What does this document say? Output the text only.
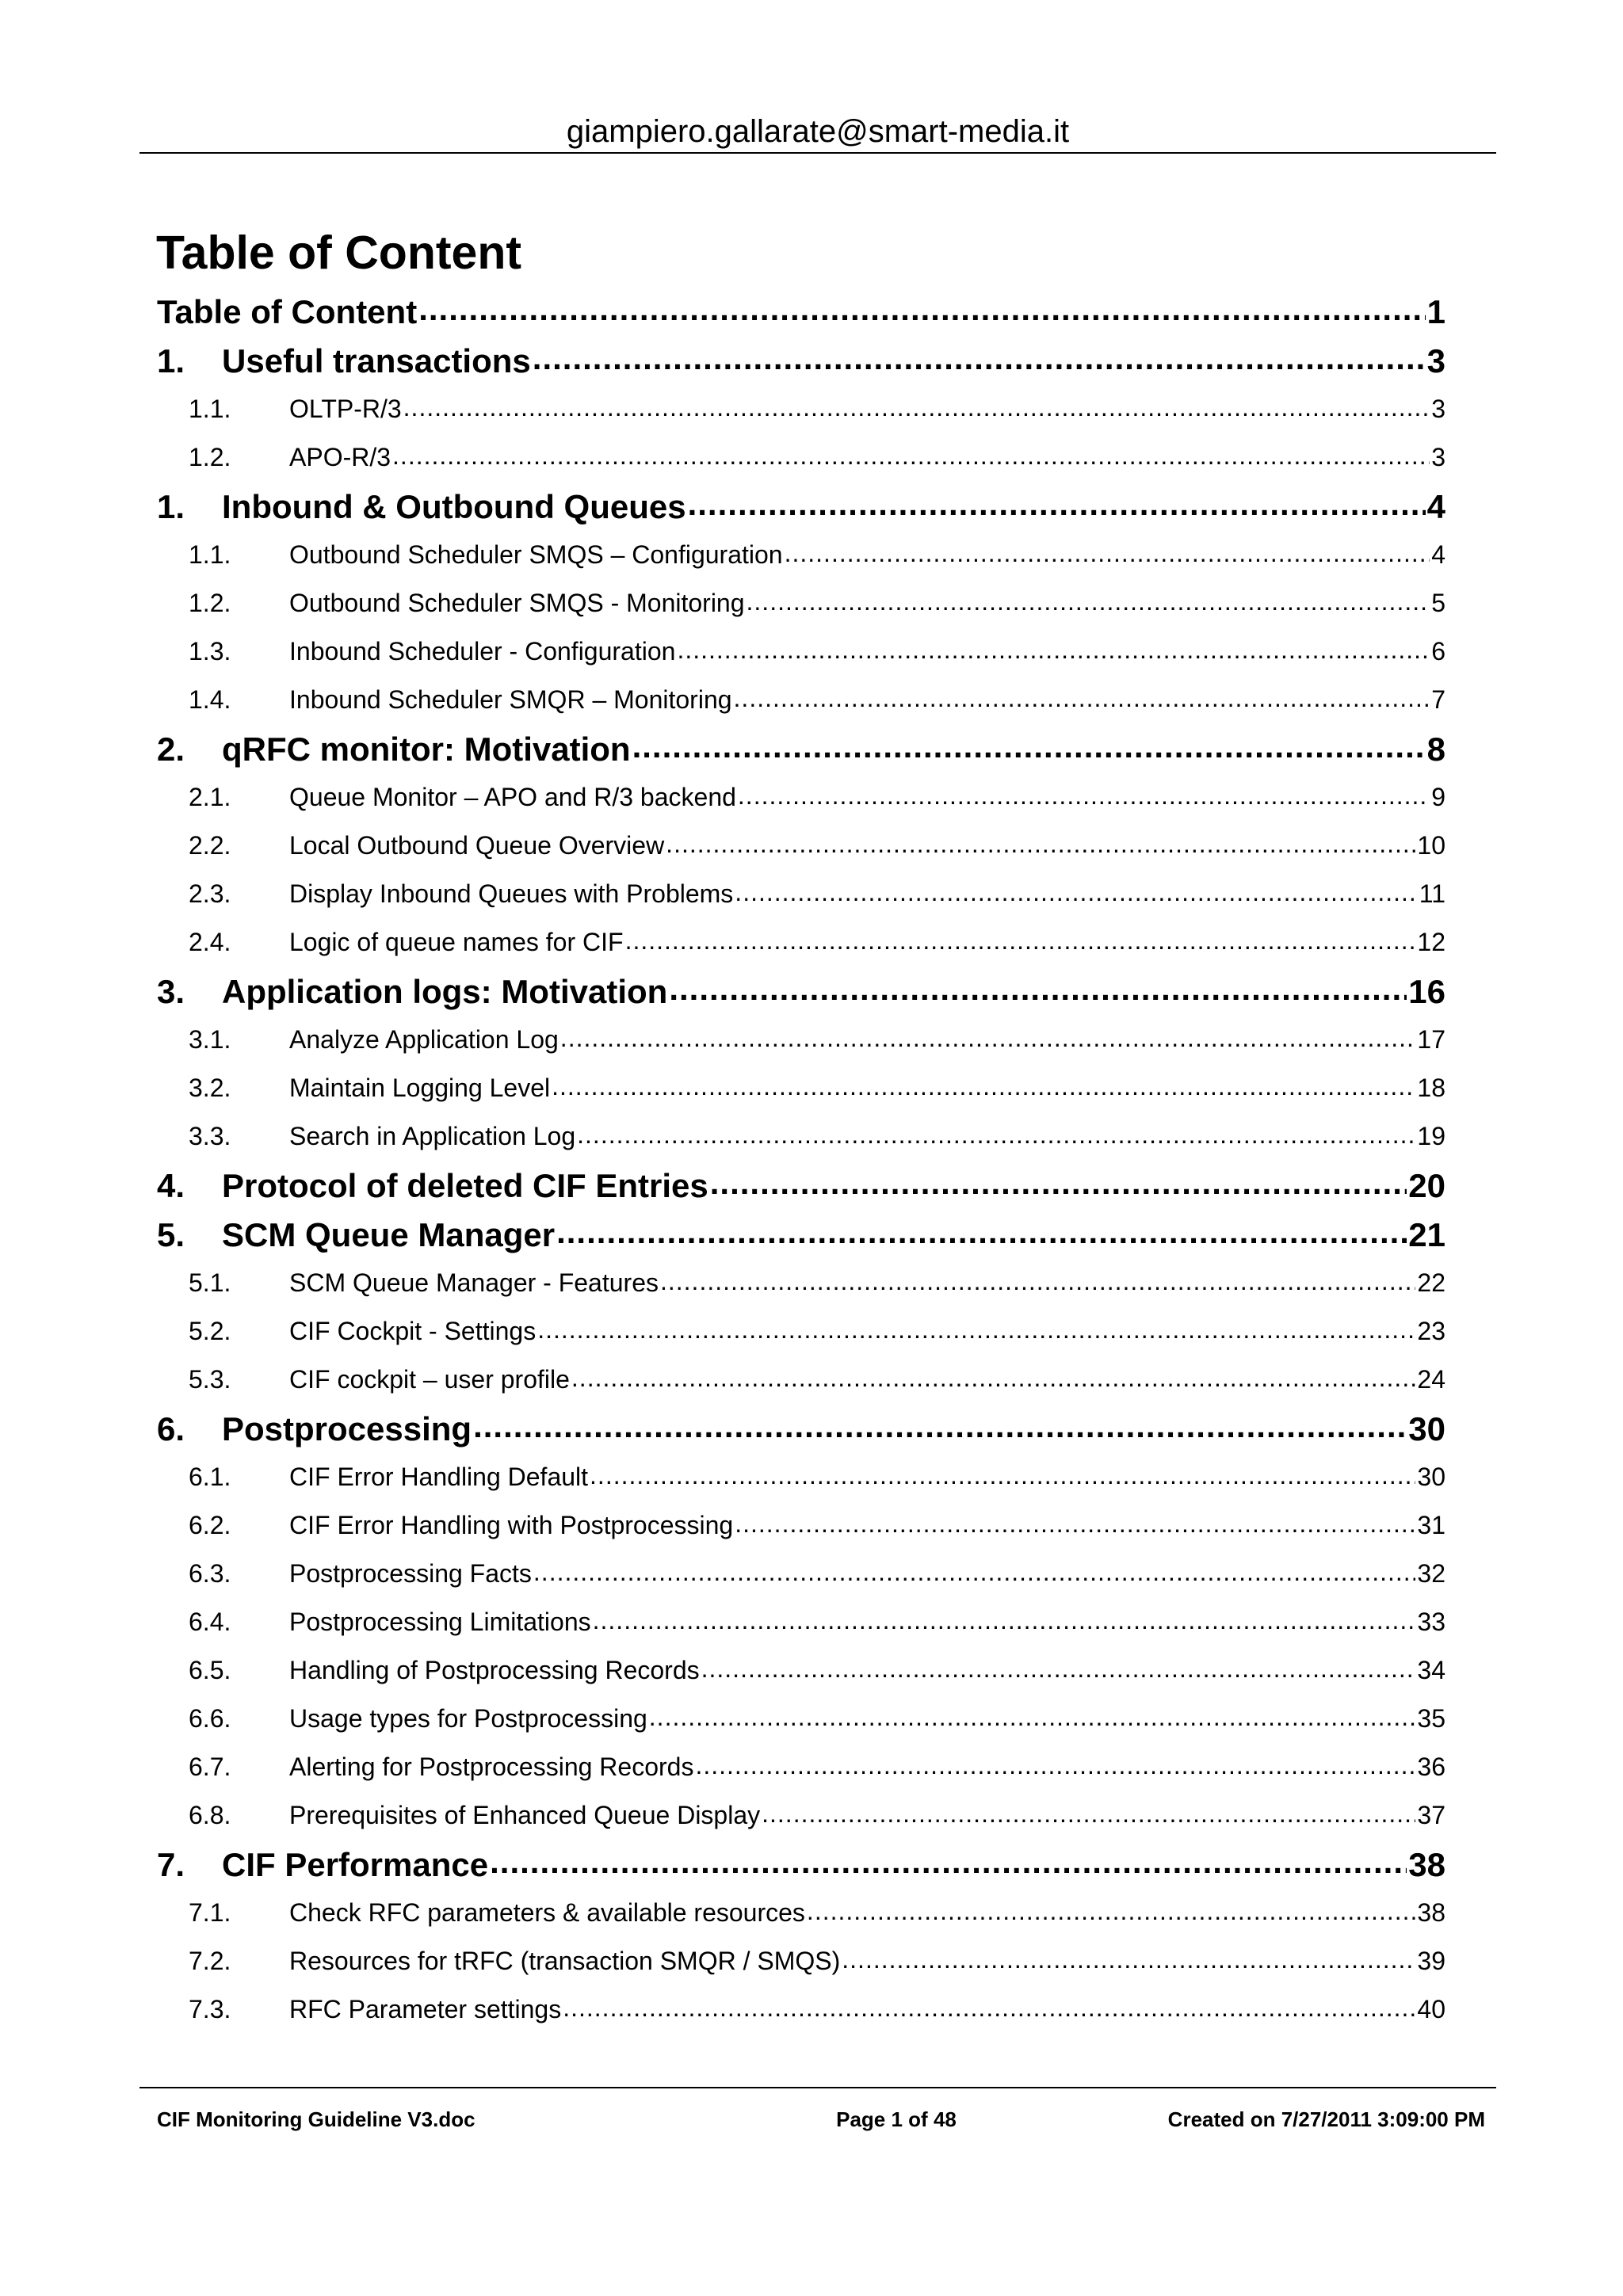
giampiero.gallarate@smart-media.it
Table of Content
Table of Content .....	1
1.	Useful transactions .....	3
1.1.	OLTP-R/3 .....	3
1.2.	APO-R/3 .....	3
1.	Inbound & Outbound Queues .....	4
1.1.	Outbound Scheduler SMQS – Configuration .....	4
1.2.	Outbound Scheduler SMQS - Monitoring .....	5
1.3.	Inbound Scheduler - Configuration .....	6
1.4.	Inbound Scheduler SMQR – Monitoring .....	7
2.	qRFC monitor: Motivation .....	8
2.1.	Queue Monitor – APO and R/3 backend .....	9
2.2.	Local Outbound Queue Overview .....	10
2.3.	Display Inbound Queues with Problems .....	11
2.4.	Logic of queue names for CIF .....	12
3.	Application logs: Motivation .....	16
3.1.	Analyze Application Log .....	17
3.2.	Maintain Logging Level .....	18
3.3.	Search in Application Log .....	19
4.	Protocol of deleted CIF Entries .....	20
5.	SCM Queue Manager .....	21
5.1.	SCM Queue Manager - Features .....	22
5.2.	CIF Cockpit - Settings .....	23
5.3.	CIF cockpit – user profile .....	24
6.	Postprocessing .....	30
6.1.	CIF Error Handling Default .....	30
6.2.	CIF Error Handling with Postprocessing .....	31
6.3.	Postprocessing Facts .....	32
6.4.	Postprocessing Limitations .....	33
6.5.	Handling of Postprocessing Records .....	34
6.6.	Usage types for Postprocessing .....	35
6.7.	Alerting for Postprocessing Records .....	36
6.8.	Prerequisites of Enhanced Queue Display .....	37
7.	CIF Performance .....	38
7.1.	Check RFC parameters & available resources .....	38
7.2.	Resources for tRFC (transaction SMQR / SMQS) .....	39
7.3.	RFC Parameter settings .....	40
CIF Monitoring Guideline V3.doc	Page 1 of 48	Created on 7/27/2011 3:09:00 PM
